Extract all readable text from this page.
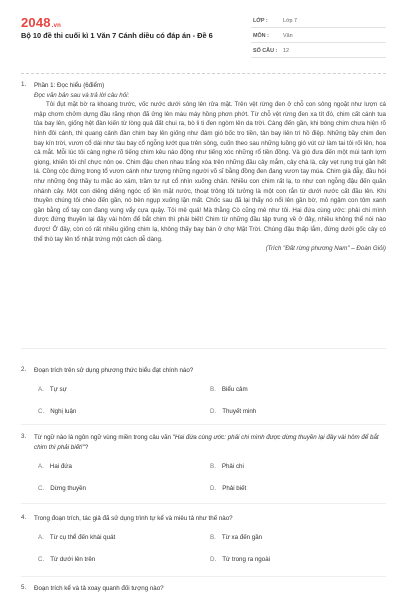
2048.vn
Bộ 10 đề thi cuối kì 1 Văn 7 Cánh diều có đáp án - Đề 6
LỚP :	Lớp 7
MÔN :	Văn
SỐ CÂU : 12
1. Phần 1: Đọc hiểu (6điểm)
Đọc văn bản sau và trả lời câu hỏi:
Tôi đụt mặt bờ ra khoang trước, vốc nước dưới sông lên rửa mặt. Trên vệt rừng đen ở chỗ con sông ngoặt như lượn cá mập chơm chởm dựng đầu răng nhọn đã ửng lên màu máy hồng phơn phớt. Từ chỗ vệt rừng đen xa tít đó, chim cất cánh tua tủa bay lên, giống hệt đàn kiến từ lòng quả đất chui ra, bò li ti đen ngòm lên da trời. Càng đến gần, khi bóng chim chưa hiện rõ hình đôi cánh, thì quang cảnh đàn chim bay lên giống như đám gió bốc tro tiền, tản bay liên trí hồ điệp. Những bầy chim đen bay kín trời, vươn cổ dài như tàu bay cổ ngỗng lướt qua trên sông, cuốn theo sau những luồng gió vút cứ làm tai tôi rối lên, hoa cả mắt. Mỗi lúc tôi càng nghe rõ tiếng chim kêu náo động như tiếng xóc những rổ tiền đồng. Và gió đưa đến một mùi tanh lợm giọng, khiến tôi chỉ chực nôn ọe. Chim đậu chen nhau trắng xóa trên những đầu cây mắm, cây chà là, cây vẹt rụng trụi gần hết lá. Cồng cộc đứng trong tổ vươn cánh như tượng những người võ sĩ bằng đồng đen đang vươn tay múa. Chim già đẫy, đầu hói như những ông thầy tu mặc áo xám, trầm tư rụt cổ nhìn xuống chân. Nhiều con chim rất lạ, to như con ngỗng đậu đến quăn nhánh cây. Một con diêng diếng ngóc cổ lên mặt nước, thoạt trông tôi tưởng là một con rắn từ dưới nước cất đầu lên. Khi thuyền chúng tôi chèo đến gần, nó bèn ngụp xuống lặn mất. Chốc sau đã lại thấy nó nổi lên gần bờ, mỏ ngậm con tôm xanh gần bằng cổ tay con đang vung vẩy cựa quậy. Tôi mê quá! Mà thằng Cò cũng mê như tôi. Hai đứa cùng ước: phải chi mình được đứng thuyền lại đây vài hôm để bắt chim thì phải biết! Chim từ những đầu tập trung về ở đây, nhiều không thể nói nào được! Ở đây, còn có rất nhiều giống chim lạ, không thấy bay bán ở chợ Mặt Trời. Chúng đậu thấp lắm, đứng dưới gốc cây có thể thò tay lên tổ nhặt trứng một cách dễ dàng.
(Trích "Đất rừng phương Nam" – Đoàn Giỏi)
2. Đoạn trích trên sử dụng phương thức biểu đạt chính nào?
A. Tự sự	B. Biểu cảm
C. Nghị luận	D. Thuyết minh
3. Từ ngữ nào là ngôn ngữ vùng miền trong câu văn "Hai đứa cùng ước: phải chi mình được dừng thuyền lại đây vài hôm để bắt chim thì phải biết!"?
A. Hai đứa	B. Phải chi
C. Dừng thuyền	D. Phải biết
4. Trong đoạn trích, tác giả đã sử dụng trình tự kể và miêu tả như thế nào?
A. Từ cụ thể đến khái quát	B. Từ xa đến gần
C. Từ dưới lên trên	D. Từ trong ra ngoài
5. Đoạn trích kể và tả xoay quanh đối tượng nào?
